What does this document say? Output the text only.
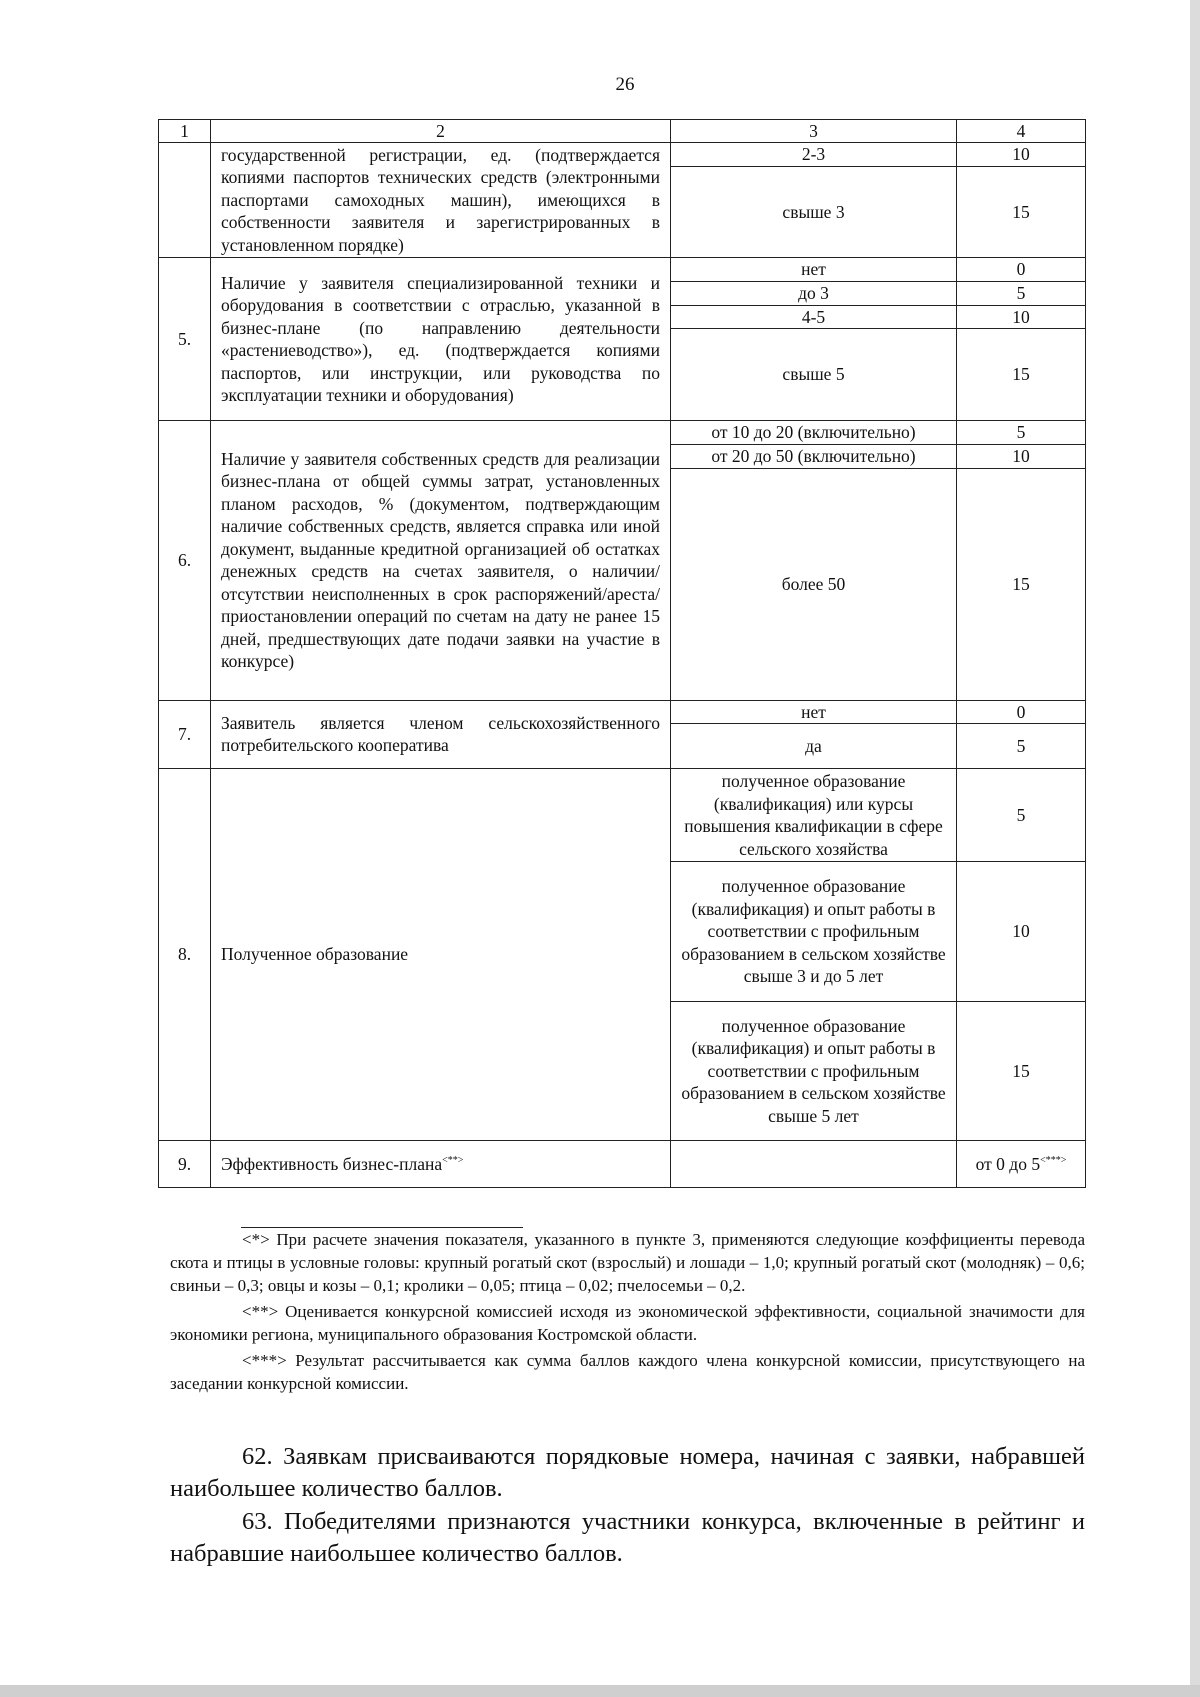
26
1	2	3	4
	государственной регистрации, ед. (подтверждается копиями паспортов технических средств (электронными паспортами самоходных машин), имеющихся в собственности заявителя и зарегистрированных в установленном порядке)	2-3	10
		свыше 3	15
5.	Наличие у заявителя специализированной техники и оборудования в соответствии с отраслью, указанной в бизнес-плане (по направлению деятельности «растениеводство»), ед. (подтверждается копиями паспортов, или инструкции, или руководства по эксплуатации техники и оборудования)	нет	0
		до 3	5
		4-5	10
		свыше 5	15
6.	Наличие у заявителя собственных средств для реализации бизнес-плана от общей суммы затрат, установленных планом расходов, % (документом, подтверждающим наличие собственных средств, является справка или иной документ, выданные кредитной организацией об остатках денежных средств на счетах заявителя, о наличии/отсутствии неисполненных в срок распоряжений/ареста/приостановлении операций по счетам на дату не ранее 15 дней, предшествующих дате подачи заявки на участие в конкурсе)	от 10 до 20 (включительно)	5
		от 20 до 50 (включительно)	10
		более 50	15
7.	Заявитель является членом сельскохозяйственного потребительского кооператива	нет	0
		да	5
8.	Полученное образование	полученное образование (квалификация) или курсы повышения квалификации в сфере сельского хозяйства	5
		полученное образование (квалификация) и опыт работы в соответствии с профильным образованием в сельском хозяйстве свыше 3 и до 5 лет	10
		полученное образование (квалификация) и опыт работы в соответствии с профильным образованием в сельском хозяйстве свыше 5 лет	15
9.	Эффективность бизнес-плана<**>		от 0 до 5<***>

<*> При расчете значения показателя, указанного в пункте 3, применяются следующие коэффициенты перевода скота и птицы в условные головы: крупный рогатый скот (взрослый) и лошади – 1,0; крупный рогатый скот (молодняк) – 0,6; свиньи – 0,3; овцы и козы – 0,1; кролики – 0,05; птица – 0,02; пчелосемьи – 0,2.

<**> Оценивается конкурсной комиссией исходя из экономической эффективности, социальной значимости для экономики региона, муниципального образования Костромской области.

<***> Результат рассчитывается как сумма баллов каждого члена конкурсной комиссии, присутствующего на заседании конкурсной комиссии.

62. Заявкам присваиваются порядковые номера, начиная с заявки, набравшей наибольшее количество баллов.
63. Победителями признаются участники конкурса, включенные в рейтинг и набравшие наибольшее количество баллов.
